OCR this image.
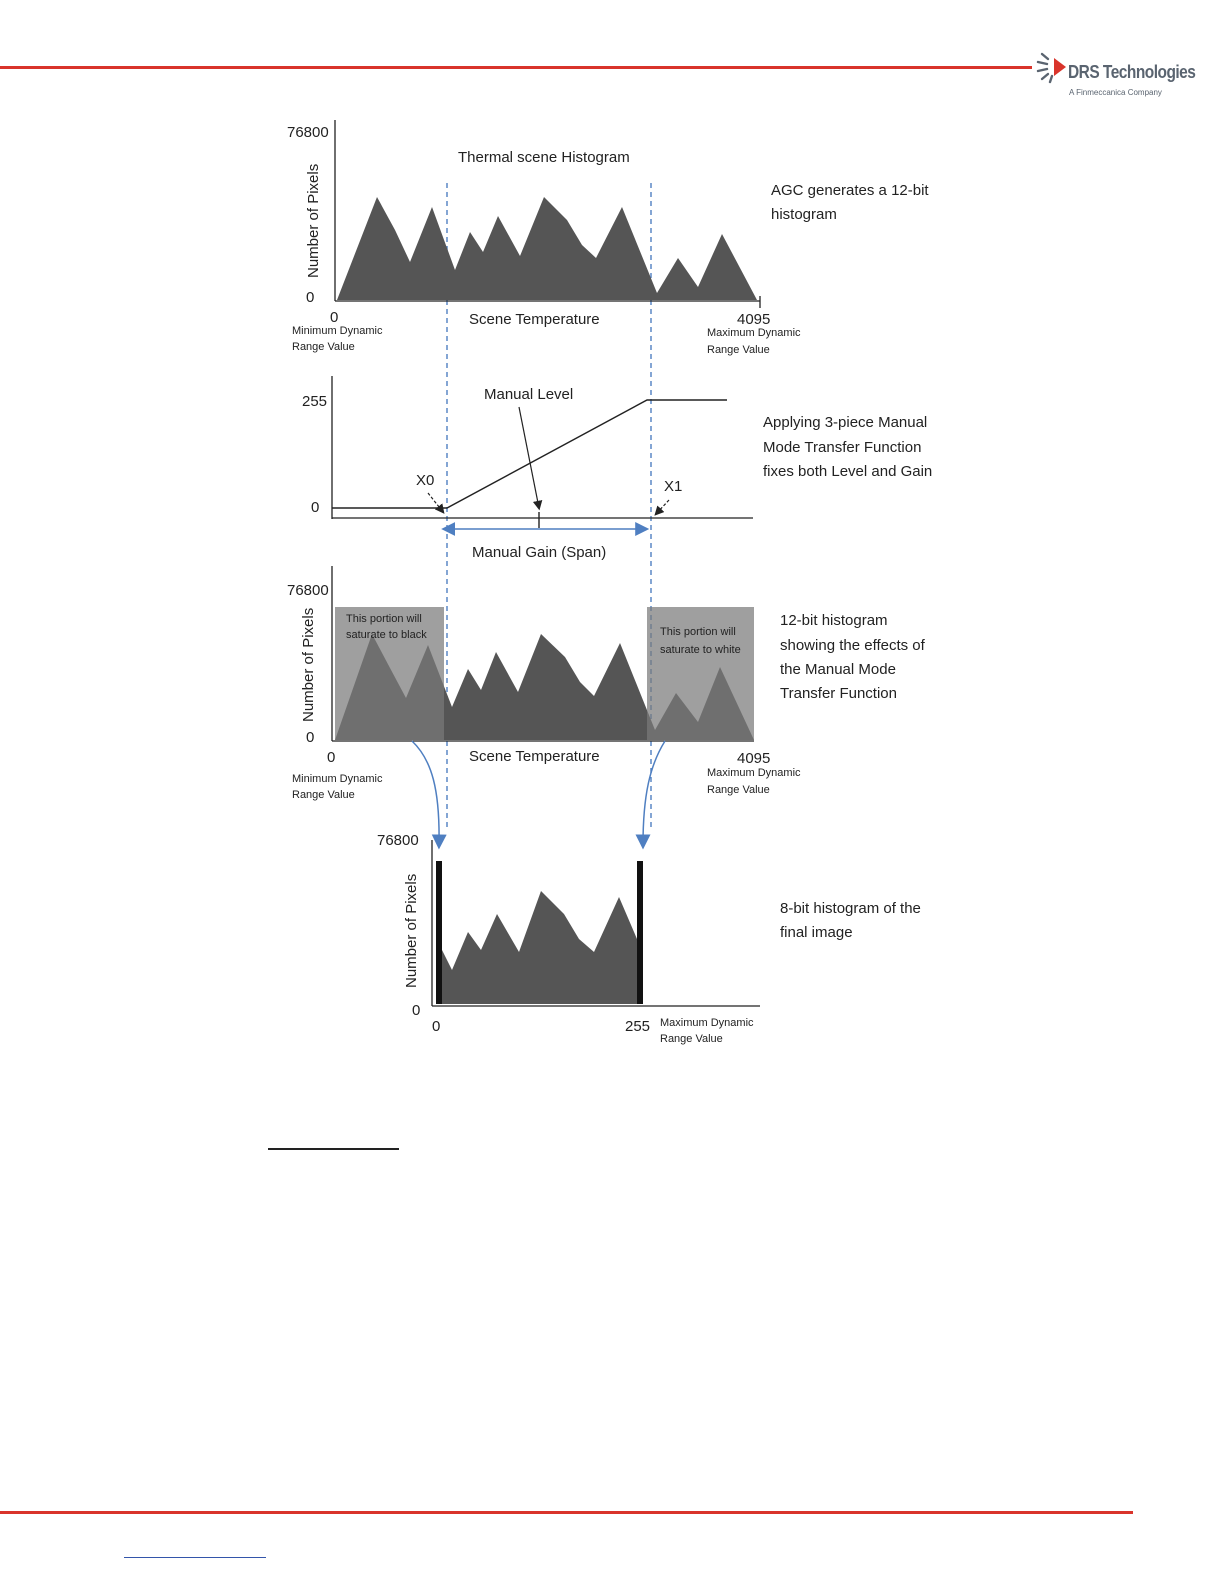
DRS Technologies
A Finmeccanica Company
76800
0
Number of Pixels
Thermal scene Histogram
0	Scene Temperature	4095
Minimum Dynamic
Range Value
Maximum Dynamic
Range Value
AGC generates a 12-bit
histogram
255
0
Manual Level
X0	X1
Manual Gain (Span)
Applying 3-piece Manual
Mode Transfer Function
fixes both Level and Gain
76800
0
Number of Pixels	This portion will
saturate to black	This portion will
saturate to white
0	Scene Temperature	4095
Minimum Dynamic
Range Value
Maximum Dynamic
Range Value
12-bit histogram
showing the effects of
the Manual Mode
Transfer Function
76800
0
Number of Pixels
0	255 Maximum Dynamic
Range Value
8-bit histogram of the
final image
